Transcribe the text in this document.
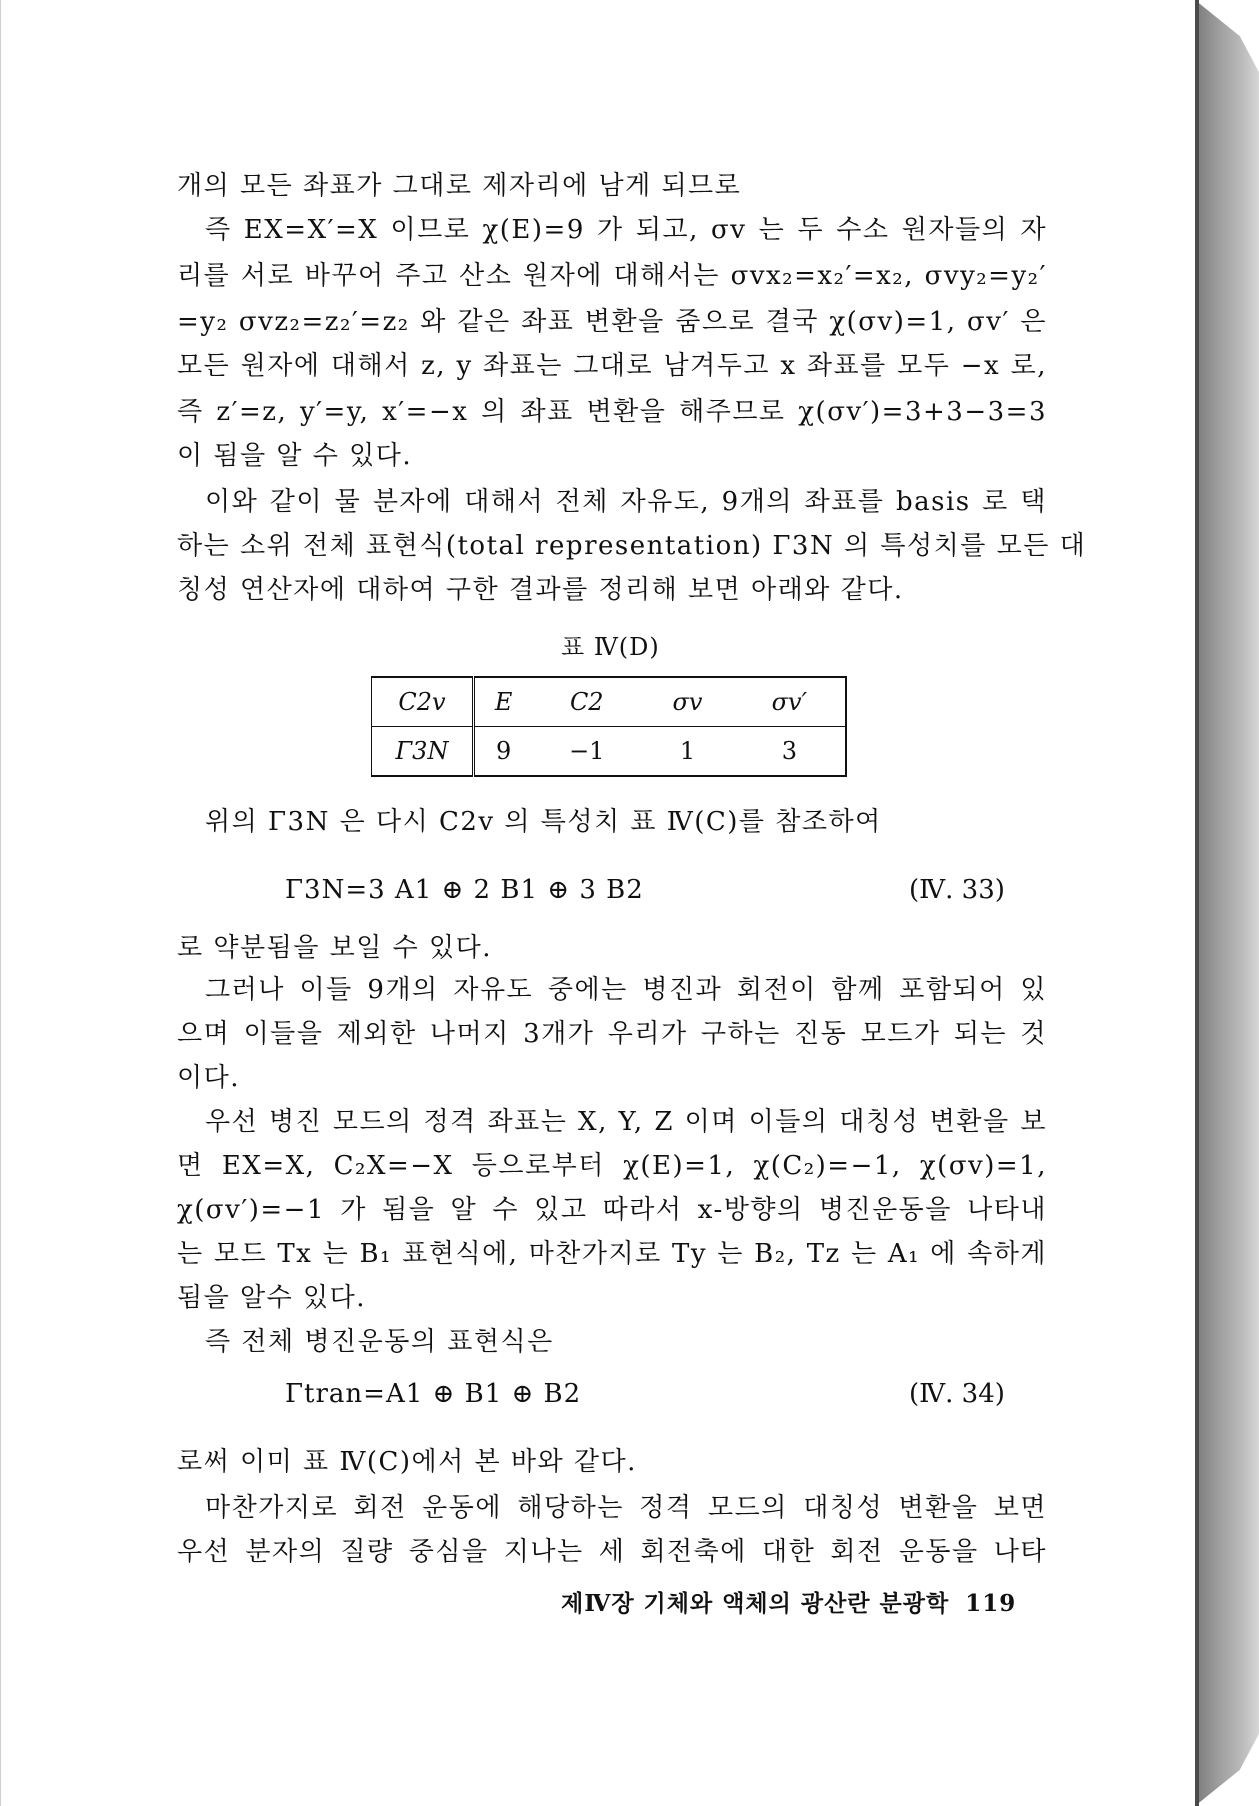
개의 모든 좌표가 그대로 제자리에 남게 되므로
즉 EX=X′=X 이므로 χ(E)=9 가 되고, σv 는 두 수소 원자들의 자
리를 서로 바꾸어 주고 산소 원자에 대해서는 σvx₂=x₂′=x₂, σvy₂=y₂′
=y₂ σvz₂=z₂′=z₂ 와 같은 좌표 변환을 줌으로 결국 χ(σv)=1, σv′ 은
모든 원자에 대해서 z, y 좌표는 그대로 남겨두고 x 좌표를 모두 −x 로,
즉 z′=z, y′=y, x′=−x 의 좌표 변환을 해주므로 χ(σv′)=3+3−3=3
이 됨을 알 수 있다.
이와 같이 물 분자에 대해서 전체 자유도, 9개의 좌표를 basis 로 택
하는 소위 전체 표현식(total representation) Γ3N 의 특성치를 모든 대
칭성 연산자에 대하여 구한 결과를 정리해 보면 아래와 같다.
표 Ⅳ(D)
C2v	E	C2	σv	σv′
Γ3N	9	−1	1	3
위의 Γ3N 은 다시 C2v 의 특성치 표 Ⅳ(C)를 참조하여
Γ3N=3 A1 ⊕ 2 B1 ⊕ 3 B2	(Ⅳ. 33)
로 약분됨을 보일 수 있다.
그러나 이들 9개의 자유도 중에는 병진과 회전이 함께 포함되어 있
으며 이들을 제외한 나머지 3개가 우리가 구하는 진동 모드가 되는 것
이다.
우선 병진 모드의 정격 좌표는 X, Y, Z 이며 이들의 대칭성 변환을 보
면 EX=X, C₂X=−X 등으로부터 χ(E)=1, χ(C₂)=−1, χ(σv)=1,
χ(σv′)=−1 가 됨을 알 수 있고 따라서 x-방향의 병진운동을 나타내
는 모드 Tx 는 B₁ 표현식에, 마찬가지로 Ty 는 B₂, Tz 는 A₁ 에 속하게
됨을 알수 있다.
즉 전체 병진운동의 표현식은
Γtran=A1 ⊕ B1 ⊕ B2	(Ⅳ. 34)
로써 이미 표 Ⅳ(C)에서 본 바와 같다.
마찬가지로 회전 운동에 해당하는 정격 모드의 대칭성 변환을 보면
우선 분자의 질량 중심을 지나는 세 회전축에 대한 회전 운동을 나타
제Ⅳ장 기체와 액체의 광산란 분광학 119
